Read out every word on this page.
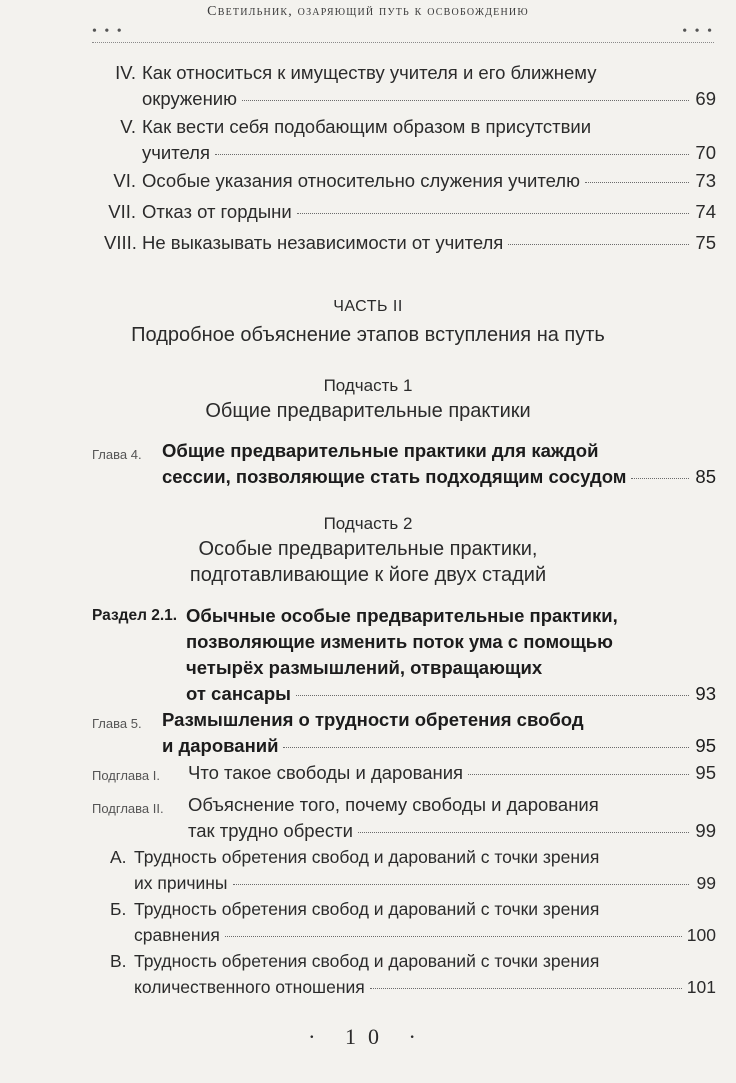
Светильник, озаряющий путь к освобождению
• • •	• • •
IV. Как относиться к имуществу учителя и его ближнему
окружению	69
V. Как вести себя подобающим образом в присутствии
учителя	70
VI. Особые указания относительно служения учителю	73
VII. Отказ от гордыни	74
VIII. Не выказывать независимости от учителя	75
ЧАСТЬ II
Подробное объяснение этапов вступления на путь
Подчасть 1
Общие предварительные практики
Глава 4. Общие предварительные практики для каждой
сессии, позволяющие стать подходящим сосудом	85
Подчасть 2
Особые предварительные практики,
подготавливающие к йоге двух стадий
Раздел 2.1. Обычные особые предварительные практики,
позволяющие изменить поток ума с помощью
четырёх размышлений, отвращающих
от сансары	93
Глава 5. Размышления о трудности обретения свобод
и дарований	95
Подглава I. Что такое свободы и дарования	95
Подглава II. Объяснение того, почему свободы и дарования
так трудно обрести	99
А. Трудность обретения свобод и дарований с точки зрения
их причины	99
Б. Трудность обретения свобод и дарований с точки зрения
сравнения	100
В. Трудность обретения свобод и дарований с точки зрения
количественного отношения	101
· 10 ·
